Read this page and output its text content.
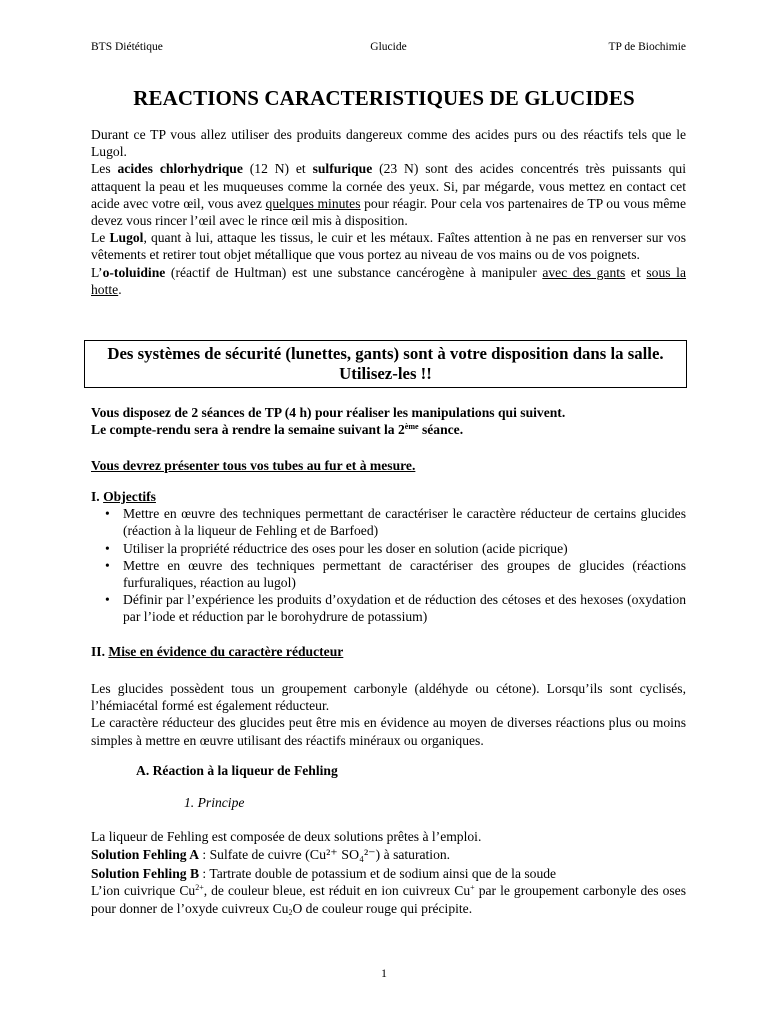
BTS Diététique	Glucide	TP de Biochimie
REACTIONS CARACTERISTIQUES DE GLUCIDES

Durant ce TP vous allez utiliser des produits dangereux comme des acides purs ou des réactifs tels que le Lugol.

Les acides chlorhydrique (12 N) et sulfurique (23 N) sont des acides concentrés très puissants qui attaquent la peau et les muqueuses comme la cornée des yeux. Si, par mégarde, vous mettez en contact cet acide avec votre œil, vous avez quelques minutes pour réagir. Pour cela vos partenaires de TP ou vous même devez vous rincer l’œil avec le rince œil mis à disposition.

Le Lugol, quant à lui, attaque les tissus, le cuir et les métaux. Faîtes attention à ne pas en renverser sur vos vêtements et retirer tout objet métallique que vous portez au niveau de vos mains ou de vos poignets.

L’o-toluidine (réactif de Hultman) est une substance cancérogène à manipuler avec des gants et sous la hotte.

Des systèmes de sécurité (lunettes, gants) sont à votre disposition dans la salle. Utilisez-les !!

Vous disposez de 2 séances de TP (4 h) pour réaliser les manipulations qui suivent.

Le compte-rendu sera à rendre la semaine suivant la 2ème séance.

Vous devrez présenter tous vos tubes au fur et à mesure.

I. Objectifs

• Mettre en œuvre des techniques permettant de caractériser le caractère réducteur de certains glucides (réaction à la liqueur de Fehling et de Barfoed)
• Utiliser la propriété réductrice des oses pour les doser en solution (acide picrique)
• Mettre en œuvre des techniques permettant de caractériser des groupes de glucides (réactions furfuraliques, réaction au lugol)
• Définir par l’expérience les produits d’oxydation et de réduction des cétoses et des hexoses (oxydation par l’iode et réduction par le borohydrure de potassium)
II. Mise en évidence du caractère réducteur

Les glucides possèdent tous un groupement carbonyle (aldéhyde ou cétone). Lorsqu’ils sont cyclisés, l’hémiacétal formé est également réducteur.

Le caractère réducteur des glucides peut être mis en évidence au moyen de diverses réactions plus ou moins simples à mettre en œuvre utilisant des réactifs minéraux ou organiques.

A. Réaction à la liqueur de Fehling
1. Principe

La liqueur de Fehling est composée de deux solutions prêtes à l’emploi.

Solution Fehling A : Sulfate de cuivre (Cu²⁺ SO₄²⁻) à saturation.

Solution Fehling B : Tartrate double de potassium et de sodium ainsi que de la soude

L’ion cuivrique $Cu^{2+}$, de couleur bleue, est réduit en ion cuivreux Cu+ par le groupement carbonyle des oses pour donner de l’oxyde cuivreux $Cu_2O$ de couleur rouge qui précipite.

1
